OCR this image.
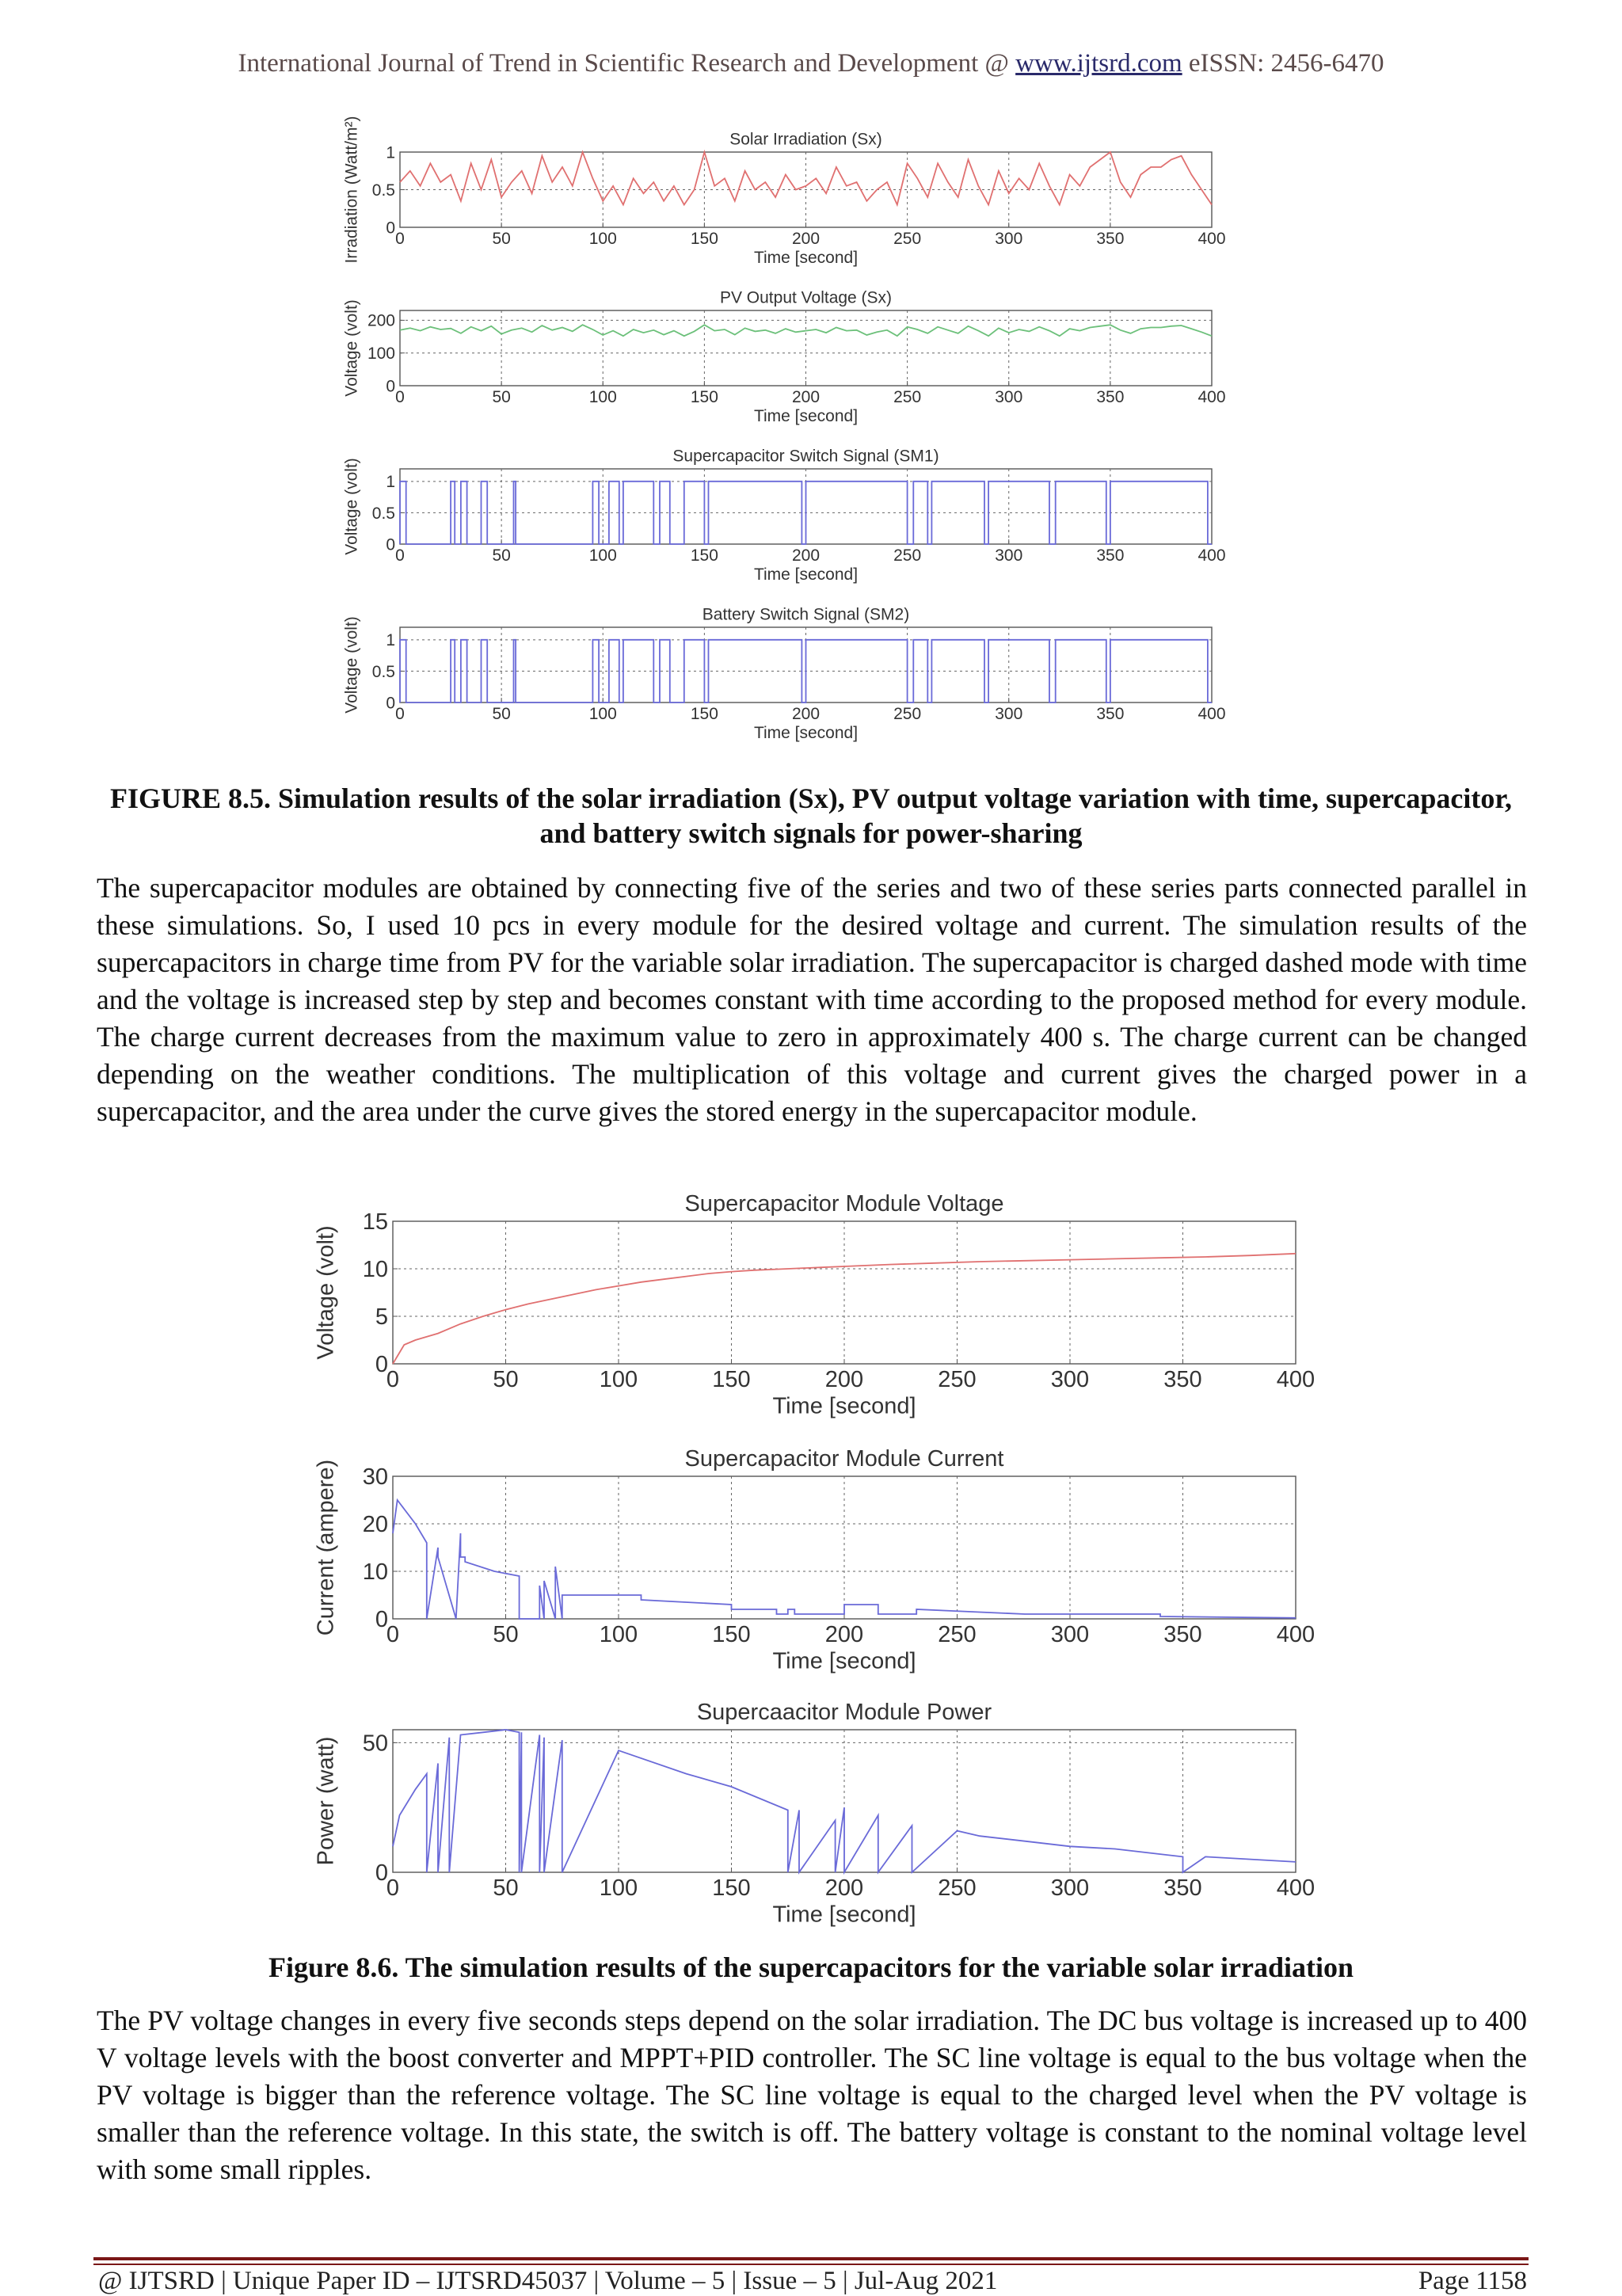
International Journal of Trend in Scientific Research and Development @ www.ijtsrd.com eISSN: 2456-6470
Solar Irradiation (Sx)
0	50	100	150	200	250	300	350	400
0
0.5
1
Time [second]
Irradiation (Watt/m²)
PV Output Voltage (Sx)
0	50	100	150	200	250	300	350	400
0
100
200
Time [second]
Voltage (volt)
Supercapacitor Switch Signal (SM1)
0	50	100	150	200	250	300	350	400
0
0.5
1
Time [second]
Voltage (volt)
Battery Switch Signal (SM2)
0	50	100	150	200	250	300	350	400
0
0.5
1
Time [second]
Voltage (volt)
FIGURE 8.5. Simulation results of the solar irradiation (Sx), PV output voltage variation with time, supercapacitor, and battery switch signals for power-sharing
The supercapacitor modules are obtained by connecting five of the series and two of these series parts connected parallel in these simulations. So, I used 10 pcs in every module for the desired voltage and current. The simulation results of the supercapacitors in charge time from PV for the variable solar irradiation. The supercapacitor is charged dashed mode with time and the voltage is increased step by step and becomes constant with time according to the proposed method for every module. The charge current decreases from the maximum value to zero in approximately 400 s. The charge current can be changed depending on the weather conditions. The multiplication of this voltage and current gives the charged power in a supercapacitor, and the area under the curve gives the stored energy in the supercapacitor module.
Supercapacitor Module Voltage
0	50	100	150	200	250	300	350	400
0
5
10
15
Time [second]
Voltage (volt)
Supercapacitor Module Current
0	50	100	150	200	250	300	350	400
0
10
20
30
Time [second]
Current (ampere)
Supercaacitor Module Power
0	50	100	150	200	250	300	350	400
0
50
Time [second]
Power (watt)
Figure 8.6. The simulation results of the supercapacitors for the variable solar irradiation
The PV voltage changes in every five seconds steps depend on the solar irradiation. The DC bus voltage is increased up to 400 V voltage levels with the boost converter and MPPT+PID controller. The SC line voltage is equal to the bus voltage when the PV voltage is bigger than the reference voltage. The SC line voltage is equal to the charged level when the PV voltage is smaller than the reference voltage. In this state, the switch is off. The battery voltage is constant to the nominal voltage level with some small ripples.
@ IJTSRD | Unique Paper ID – IJTSRD45037 | Volume – 5 | Issue – 5 | Jul-Aug 2021	Page 1158
